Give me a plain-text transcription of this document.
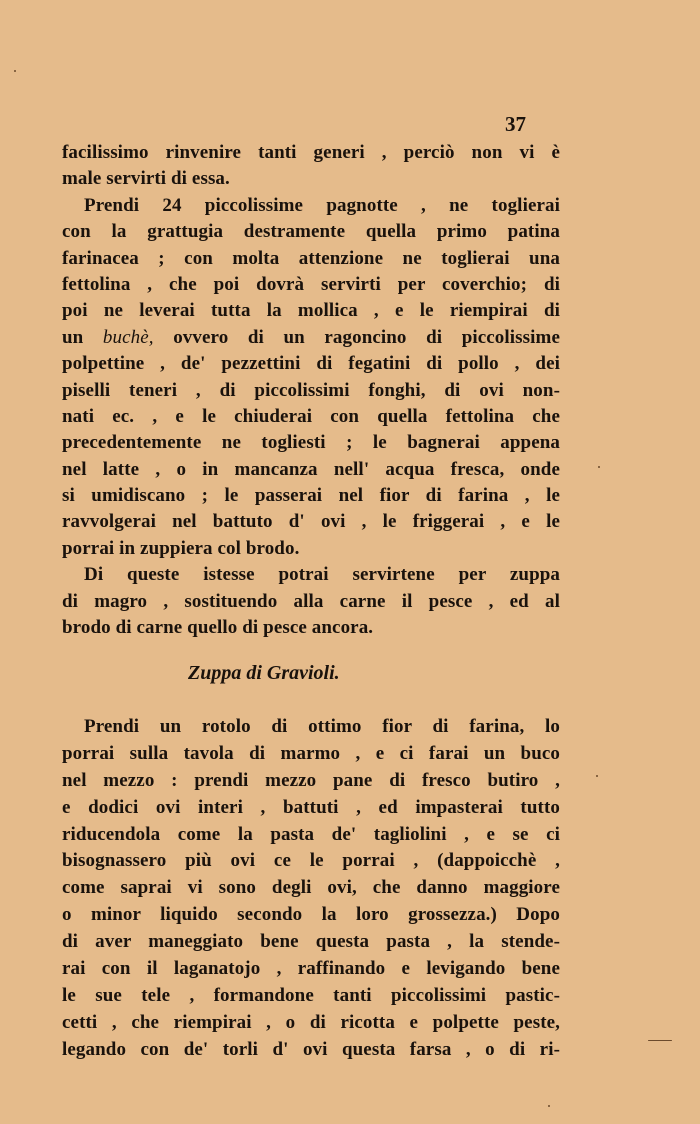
37
facilissimo rinvenire tanti generi , perciò non vi è
male servirti di essa.
Prendi 24 piccolissime pagnotte , ne toglierai
con la grattugia destramente quella primo patina
farinacea ; con molta attenzione ne toglierai una
fettolina , che poi dovrà servirti per coverchio; di
poi ne leverai tutta la mollica , e le riempirai di
un buchè, ovvero di un ragoncino di piccolissime
polpettine , de' pezzettini di fegatini di pollo , dei
piselli teneri , di piccolissimi fonghi, di ovi non-
nati ec. , e le chiuderai con quella fettolina che
precedentemente ne togliesti ; le bagnerai appena
nel latte , o in mancanza nell' acqua fresca, onde
si umidiscano ; le passerai nel fior di farina , le
ravvolgerai nel battuto d' ovi , le friggerai , e le
porrai in zuppiera col brodo.
Di queste istesse potrai servirtene per zuppa
di magro , sostituendo alla carne il pesce , ed al
brodo di carne quello di pesce ancora.
Zuppa di Gravioli.
Prendi un rotolo di ottimo fior di farina, lo
porrai sulla tavola di marmo , e ci farai un buco
nel mezzo : prendi mezzo pane di fresco butiro ,
e dodici ovi interi , battuti , ed impasterai tutto
riducendola come la pasta de' tagliolini , e se ci
bisognassero più ovi ce le porrai , (dappoicchè ,
come saprai vi sono degli ovi, che danno maggiore
o minor liquido secondo la loro grossezza.) Dopo
di aver maneggiato bene questa pasta , la stende-
rai con il laganatojo , raffinando e levigando bene
le sue tele , formandone tanti piccolissimi pastic-
cetti , che riempirai , o di ricotta e polpette peste,
legando con de' torli d' ovi questa farsa , o di ri-
